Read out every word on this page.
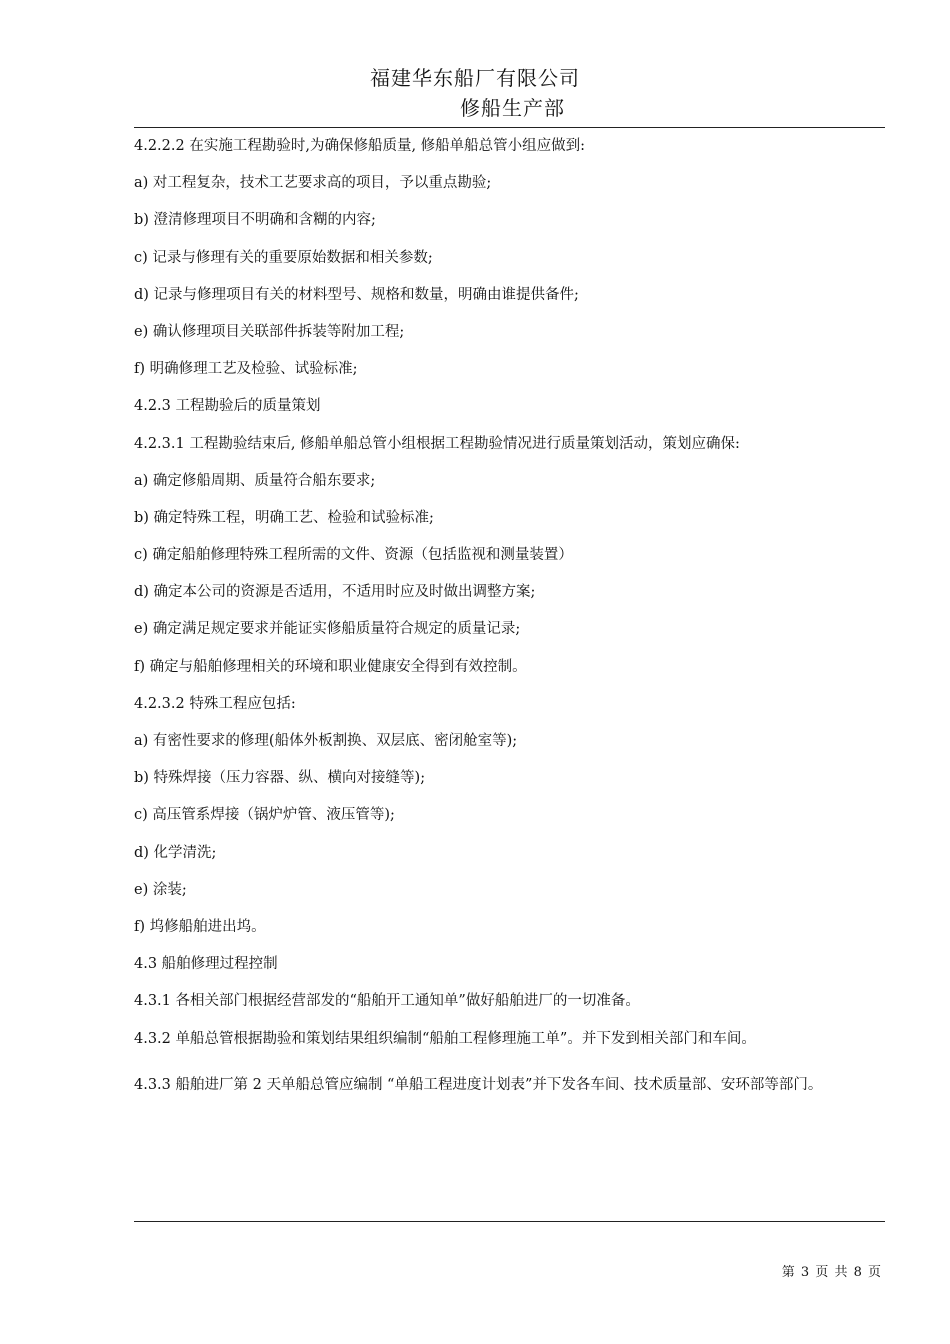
福建华东船厂有限公司
修船生产部
4.2.2.2 在实施工程勘验时,为确保修船质量, 修船单船总管小组应做到:
a) 对工程复杂，技术工艺要求高的项目，予以重点勘验;
b) 澄清修理项目不明确和含糊的内容;
c) 记录与修理有关的重要原始数据和相关参数;
d) 记录与修理项目有关的材料型号、规格和数量，明确由谁提供备件;
e) 确认修理项目关联部件拆装等附加工程;
f) 明确修理工艺及检验、试验标准;
4.2.3 工程勘验后的质量策划
4.2.3.1 工程勘验结束后, 修船单船总管小组根据工程勘验情况进行质量策划活动，策划应确保:
a) 确定修船周期、质量符合船东要求;
b) 确定特殊工程，明确工艺、检验和试验标准;
c) 确定船舶修理特殊工程所需的文件、资源（包括监视和测量装置）
d) 确定本公司的资源是否适用，不适用时应及时做出调整方案;
e) 确定满足规定要求并能证实修船质量符合规定的质量记录;
f) 确定与船舶修理相关的环境和职业健康安全得到有效控制。
4.2.3.2 特殊工程应包括:
a) 有密性要求的修理(船体外板割换、双层底、密闭舱室等);
b) 特殊焊接（压力容器、纵、横向对接缝等);
c) 高压管系焊接（锅炉炉管、液压管等);
d) 化学清洗;
e) 涂装;
f) 坞修船舶进出坞。
4.3 船舶修理过程控制
4.3.1 各相关部门根据经营部发的“船舶开工通知单”做好船舶进厂的一切准备。
4.3.2 单船总管根据勘验和策划结果组织编制“船舶工程修理施工单”。并下发到相关部门和车间。
4.3.3 船舶进厂第 2 天单船总管应编制 “单船工程进度计划表”并下发各车间、技术质量部、安环部等部门。
第 3 页 共 8 页
